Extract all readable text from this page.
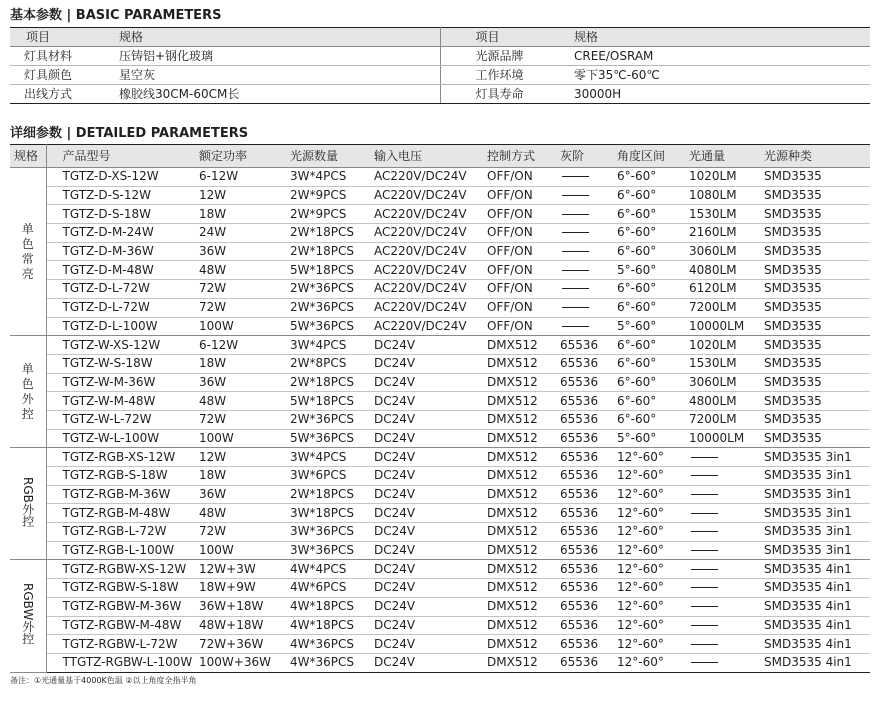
基本参数 | BASIC PARAMETERS
项目	规格	项目	规格
灯具材料	压铸铝+钢化玻璃	光源品牌	CREE/OSRAM
灯具颜色	星空灰	工作环境	零下35℃-60℃
出线方式	橡胶线30CM-60CM长	灯具寿命	30000H
详细参数 | DETAILED PARAMETERS
规格	产品型号	额定功率	光源数量	输入电压	控制方式	灰阶	角度区间	光通量	光源种类
单色常亮	TGTZ-D-XS-12W	6-12W	3W*4PCS	AC220V/DC24V	OFF/ON		6°-60°	1020LM	SMD3535
	TGTZ-D-S-12W	12W	2W*9PCS	AC220V/DC24V	OFF/ON		6°-60°	1080LM	SMD3535
	TGTZ-D-S-18W	18W	2W*9PCS	AC220V/DC24V	OFF/ON		6°-60°	1530LM	SMD3535
	TGTZ-D-M-24W	24W	2W*18PCS	AC220V/DC24V	OFF/ON		6°-60°	2160LM	SMD3535
	TGTZ-D-M-36W	36W	2W*18PCS	AC220V/DC24V	OFF/ON		6°-60°	3060LM	SMD3535
	TGTZ-D-M-48W	48W	5W*18PCS	AC220V/DC24V	OFF/ON		5°-60°	4080LM	SMD3535
	TGTZ-D-L-72W	72W	2W*36PCS	AC220V/DC24V	OFF/ON		6°-60°	6120LM	SMD3535
	TGTZ-D-L-72W	72W	2W*36PCS	AC220V/DC24V	OFF/ON		6°-60°	7200LM	SMD3535
	TGTZ-D-L-100W	100W	5W*36PCS	AC220V/DC24V	OFF/ON		5°-60°	10000LM	SMD3535
单色外控	TGTZ-W-XS-12W	6-12W	3W*4PCS	DC24V	DMX512	65536	6°-60°	1020LM	SMD3535
	TGTZ-W-S-18W	18W	2W*8PCS	DC24V	DMX512	65536	6°-60°	1530LM	SMD3535
	TGTZ-W-M-36W	36W	2W*18PCS	DC24V	DMX512	65536	6°-60°	3060LM	SMD3535
	TGTZ-W-M-48W	48W	5W*18PCS	DC24V	DMX512	65536	6°-60°	4800LM	SMD3535
	TGTZ-W-L-72W	72W	2W*36PCS	DC24V	DMX512	65536	6°-60°	7200LM	SMD3535
	TGTZ-W-L-100W	100W	5W*36PCS	DC24V	DMX512	65536	5°-60°	10000LM	SMD3535
RGB外控	TGTZ-RGB-XS-12W	12W	3W*4PCS	DC24V	DMX512	65536	12°-60°		SMD3535 3in1
	TGTZ-RGB-S-18W	18W	3W*6PCS	DC24V	DMX512	65536	12°-60°		SMD3535 3in1
	TGTZ-RGB-M-36W	36W	2W*18PCS	DC24V	DMX512	65536	12°-60°		SMD3535 3in1
	TGTZ-RGB-M-48W	48W	3W*18PCS	DC24V	DMX512	65536	12°-60°		SMD3535 3in1
	TGTZ-RGB-L-72W	72W	3W*36PCS	DC24V	DMX512	65536	12°-60°		SMD3535 3in1
	TGTZ-RGB-L-100W	100W	3W*36PCS	DC24V	DMX512	65536	12°-60°		SMD3535 3in1
RGBW外控	TGTZ-RGBW-XS-12W	12W+3W	4W*4PCS	DC24V	DMX512	65536	12°-60°		SMD3535 4in1
	TGTZ-RGBW-S-18W	18W+9W	4W*6PCS	DC24V	DMX512	65536	12°-60°		SMD3535 4in1
	TGTZ-RGBW-M-36W	36W+18W	4W*18PCS	DC24V	DMX512	65536	12°-60°		SMD3535 4in1
	TGTZ-RGBW-M-48W	48W+18W	4W*18PCS	DC24V	DMX512	65536	12°-60°		SMD3535 4in1
	TGTZ-RGBW-L-72W	72W+36W	4W*36PCS	DC24V	DMX512	65536	12°-60°		SMD3535 4in1
	TTGTZ-RGBW-L-100W	100W+36W	4W*36PCS	DC24V	DMX512	65536	12°-60°		SMD3535 4in1
备注：①光通量基于4000K色温 ②以上角度全指半角
